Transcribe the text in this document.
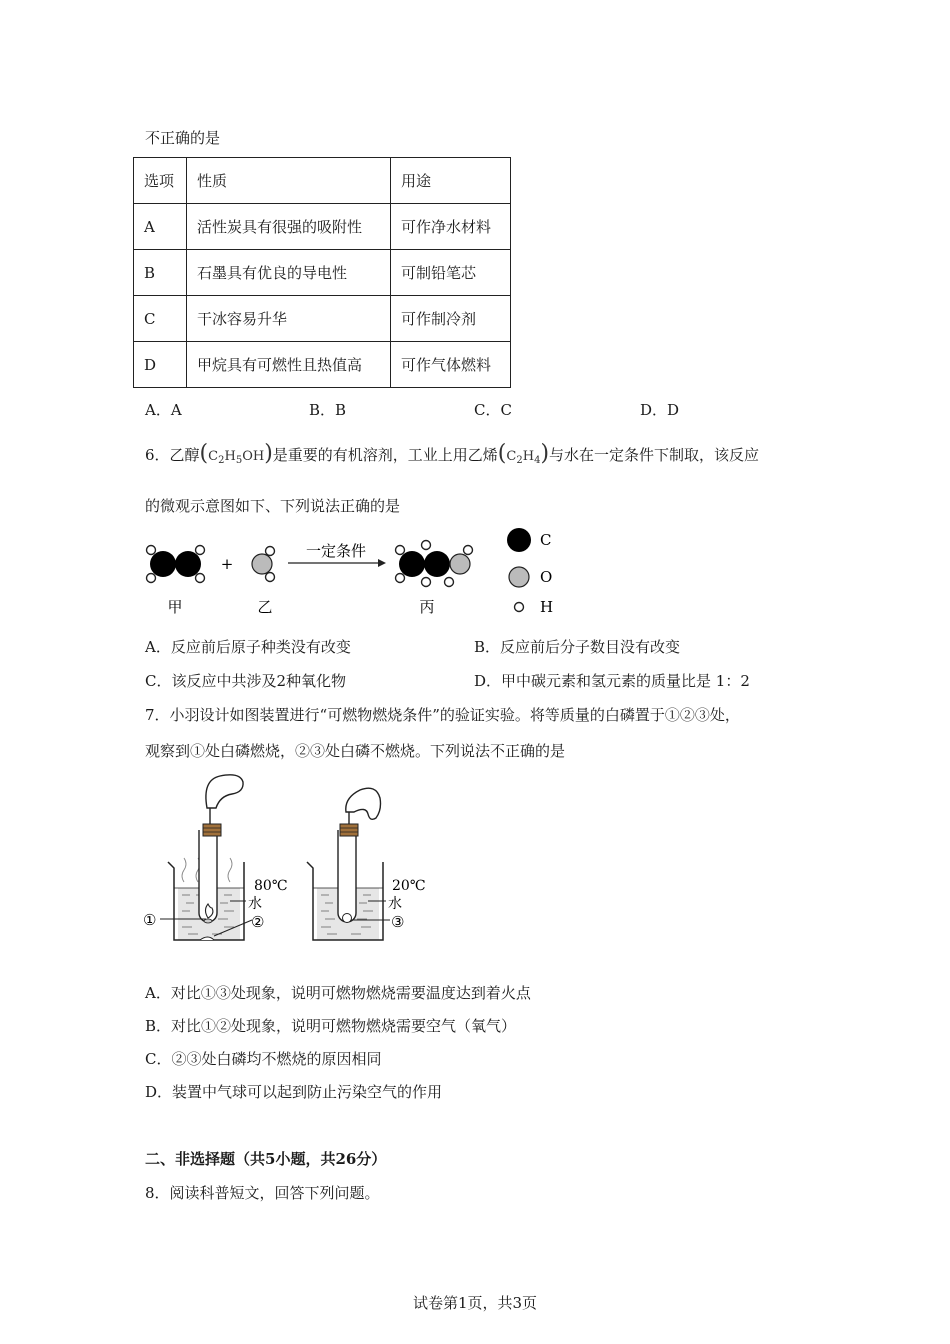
不正确的是
选项	性质	用途
A	活性炭具有很强的吸附性	可作净水材料
B	石墨具有优良的导电性	可制铅笔芯
C	干冰容易升华	可作制冷剂
D	甲烷具有可燃性且热值高	可作气体燃料
A．A	B．B	C．C	D．D
6．乙醇$(C_2H_5OH)$是重要的有机溶剂，工业上用乙烯$(C_2H_4)$与水在一定条件下制取，该反应
的微观示意图如下、下列说法正确的是
+
一定条件
C
O
H
甲	乙	丙
A．反应前后原子种类没有改变	B．反应前后分子数目没有改变
C．该反应中共涉及2种氧化物	D．甲中碳元素和氢元素的质量比是 1：2
7．小羽设计如图装置进行“可燃物燃烧条件”的验证实验。将等质量的白磷置于①②③处，
观察到①处白磷燃烧，②③处白磷不燃烧。下列说法不正确的是
80℃
水
①	②
20℃
水
③
A．对比①③处现象，说明可燃物燃烧需要温度达到着火点
B．对比①②处现象，说明可燃物燃烧需要空气（氧气）
C．②③处白磷均不燃烧的原因相同
D．装置中气球可以起到防止污染空气的作用
二、非选择题（共5小题，共26分）
8．阅读科普短文，回答下列问题。
试卷第1页，共3页
